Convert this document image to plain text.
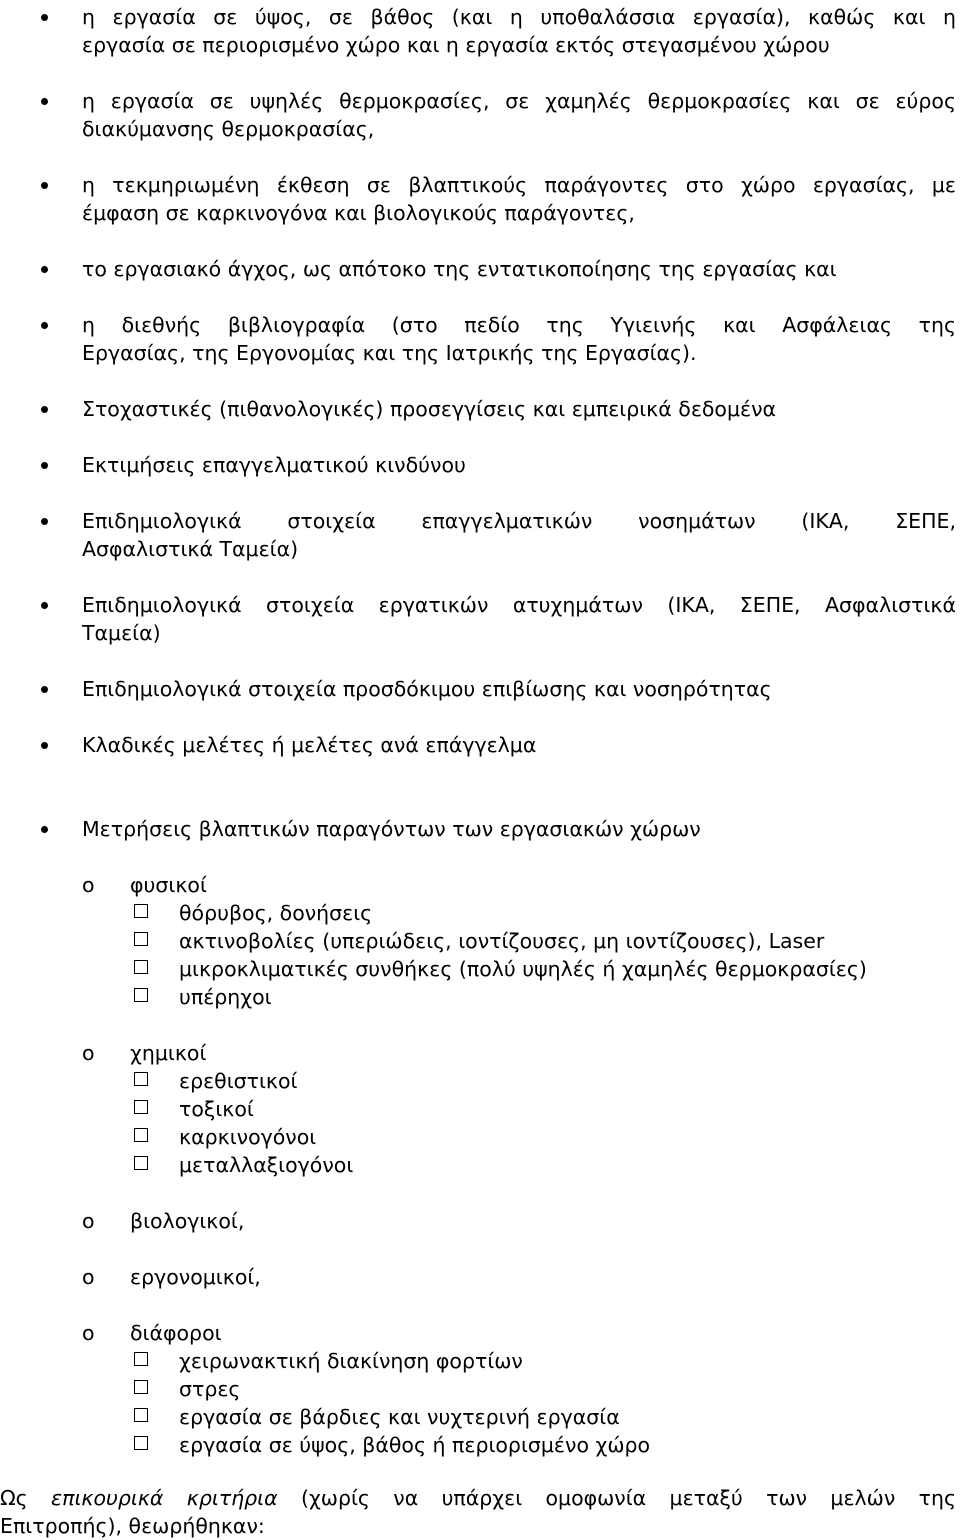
η εργασία σε ύψος, σε βάθος (και η υποθαλάσσια εργασία), καθώς και η
εργασία σε περιορισμένο χώρο και η εργασία εκτός στεγασμένου χώρου
η εργασία σε υψηλές θερμοκρασίες, σε χαμηλές θερμοκρασίες και σε εύρος
διακύμανσης θερμοκρασίας,
η τεκμηριωμένη έκθεση σε βλαπτικούς παράγοντες στο χώρο εργασίας, με
έμφαση σε καρκινογόνα και βιολογικούς παράγοντες,
το εργασιακό άγχος, ως απότοκο της εντατικοποίησης της εργασίας και
η διεθνής βιβλιογραφία (στο πεδίο της Υγιεινής και Ασφάλειας της
Εργασίας, της Εργονομίας και της Ιατρικής της Εργασίας).
Στοχαστικές (πιθανολογικές) προσεγγίσεις και εμπειρικά δεδομένα
Εκτιμήσεις επαγγελματικού κινδύνου
Επιδημιολογικά στοιχεία επαγγελματικών νοσημάτων (ΙΚΑ, ΣΕΠΕ,
Ασφαλιστικά Ταμεία)
Επιδημιολογικά στοιχεία εργατικών ατυχημάτων (ΙΚΑ, ΣΕΠΕ, Ασφαλιστικά
Ταμεία)
Επιδημιολογικά στοιχεία προσδόκιμου επιβίωσης και νοσηρότητας
Κλαδικές μελέτες ή μελέτες ανά επάγγελμα
Μετρήσεις βλαπτικών παραγόντων των εργασιακών χώρων
o φυσικοί
θόρυβος, δονήσεις
ακτινοβολίες (υπεριώδεις, ιοντίζουσες, μη ιοντίζουσες), Laser
μικροκλιματικές συνθήκες (πολύ υψηλές ή χαμηλές θερμοκρασίες)
υπέρηχοι
o χημικοί
ερεθιστικοί
τοξικοί
καρκινογόνοι
μεταλλαξιογόνοι
o βιολογικοί,
o εργονομικοί,
o διάφοροι
χειρωνακτική διακίνηση φορτίων
στρες
εργασία σε βάρδιες και νυχτερινή εργασία
εργασία σε ύψος, βάθος ή περιορισμένο χώρο
Ως επικουρικά κριτήρια (χωρίς να υπάρχει ομοφωνία μεταξύ των μελών της
Επιτροπής), θεωρήθηκαν:
